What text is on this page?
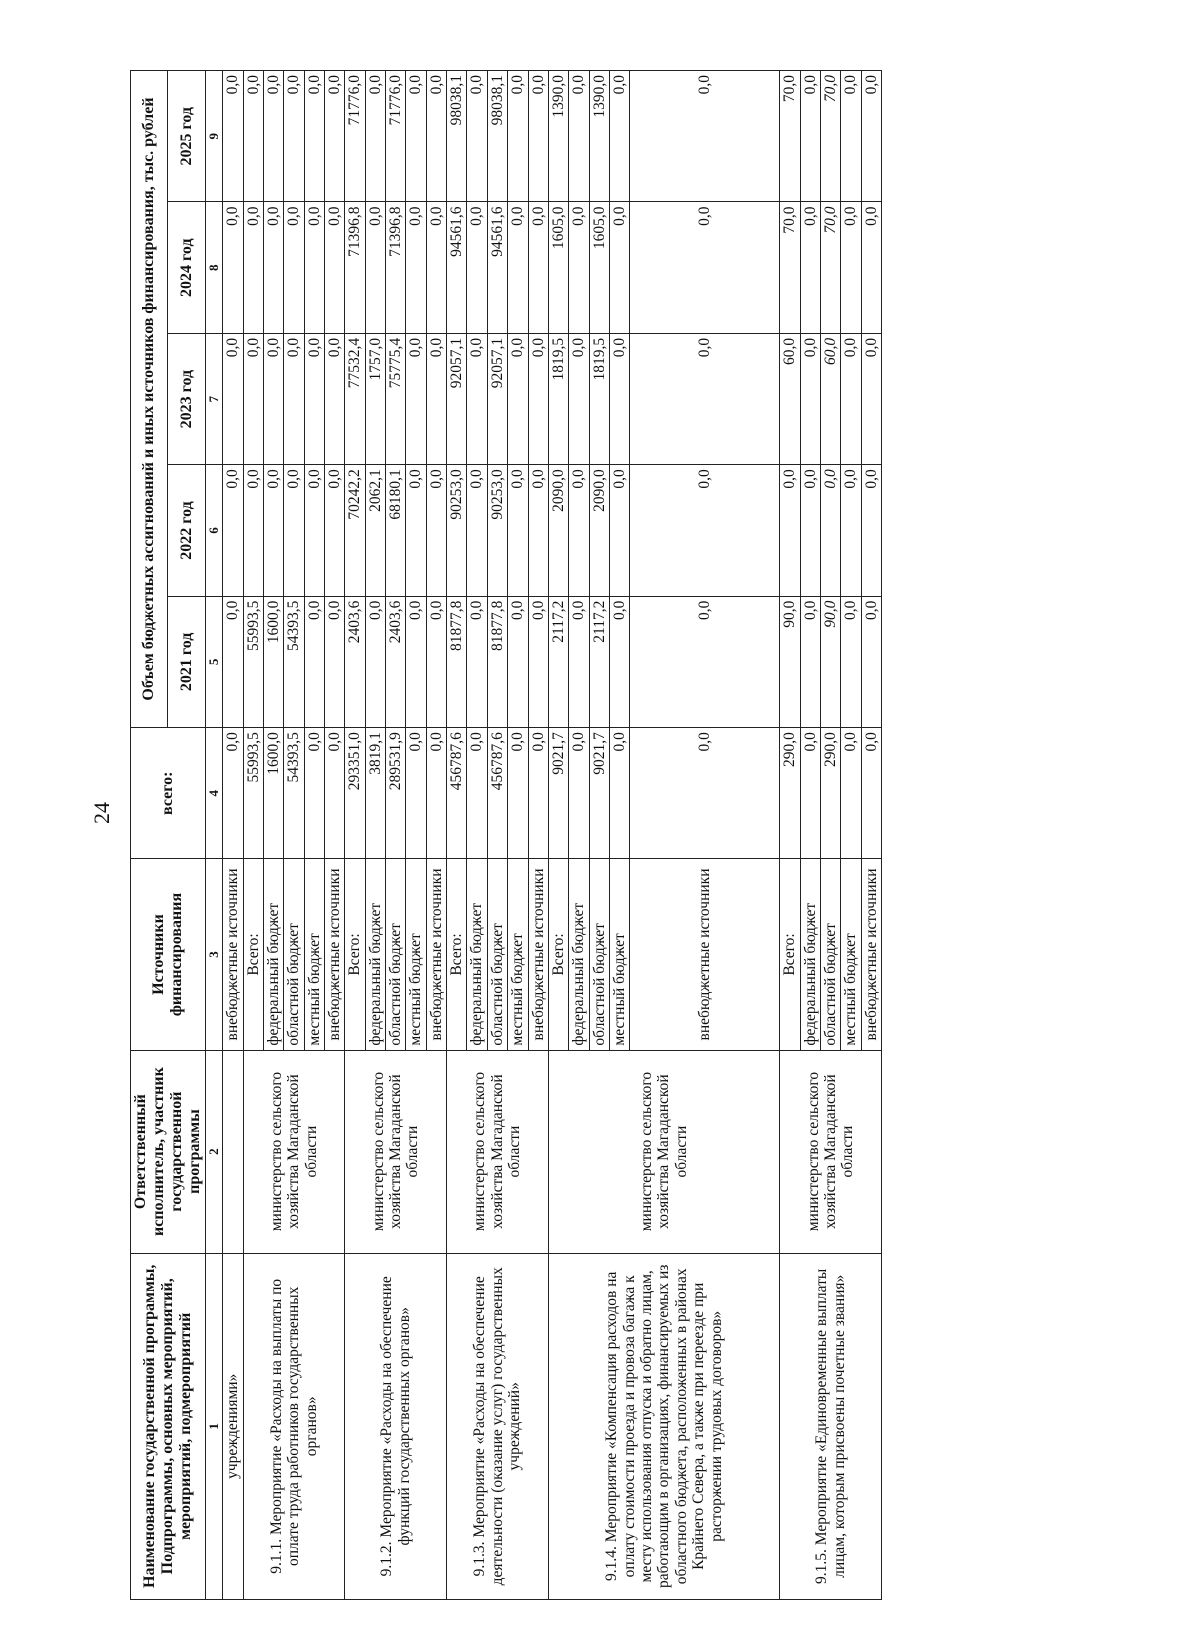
24
Наименование государственной программы, Подпрограммы, основных мероприятий, мероприятий, подмероприятий	Ответственный исполнитель, участник государственной программы	Источники финансирования	всего:	Объем бюджетных ассигнований и иных источников финансирования, тыс. рублей				
				2021 год	2022 год	2023 год	2024 год	2025 год
1	2	3	4	5	6	7	8	9
учреждениями»		внебюджетные источники	0,0	0,0	0,0	0,0	0,0	0,0
9.1.1. Мероприятие «Расходы на выплаты по оплате труда работников государственных органов»	министерство сельского хозяйства Магаданской области	Всего:	55993,5	55993,5	0,0	0,0	0,0	0,0
		федеральный бюджет	1600,0	1600,0	0,0	0,0	0,0	0,0
		областной бюджет	54393,5	54393,5	0,0	0,0	0,0	0,0
		местный бюджет	0,0	0,0	0,0	0,0	0,0	0,0
		внебюджетные источники	0,0	0,0	0,0	0,0	0,0	0,0
9.1.2. Мероприятие «Расходы на обеспечение функций государственных органов»	министерство сельского хозяйства Магаданской области	Всего:	293351,0	2403,6	70242,2	77532,4	71396,8	71776,0
		федеральный бюджет	3819,1	0,0	2062,1	1757,0	0,0	0,0
		областной бюджет	289531,9	2403,6	68180,1	75775,4	71396,8	71776,0
		местный бюджет	0,0	0,0	0,0	0,0	0,0	0,0
		внебюджетные источники	0,0	0,0	0,0	0,0	0,0	0,0
9.1.3. Мероприятие «Расходы на обеспечение деятельности (оказание услуг) государственных учреждений»	министерство сельского хозяйства Магаданской области	Всего:	456787,6	81877,8	90253,0	92057,1	94561,6	98038,1
		федеральный бюджет	0,0	0,0	0,0	0,0	0,0	0,0
		областной бюджет	456787,6	81877,8	90253,0	92057,1	94561,6	98038,1
		местный бюджет	0,0	0,0	0,0	0,0	0,0	0,0
		внебюджетные источники	0,0	0,0	0,0	0,0	0,0	0,0
9.1.4. Мероприятие «Компенсация расходов на оплату стоимости проезда и провоза багажа к месту использования отпуска и обратно лицам, работающим в организациях, финансируемых из областного бюджета, расположенных в районах Крайнего Севера, а также при переезде при расторжении трудовых договоров»	министерство сельского хозяйства Магаданской области	Всего:	9021,7	2117,2	2090,0	1819,5	1605,0	1390,0
		федеральный бюджет	0,0	0,0	0,0	0,0	0,0	0,0
		областной бюджет	9021,7	2117,2	2090,0	1819,5	1605,0	1390,0
		местный бюджет	0,0	0,0	0,0	0,0	0,0	0,0
		внебюджетные источники	0,0	0,0	0,0	0,0	0,0	0,0
9.1.5. Мероприятие «Единовременные выплаты лицам, которым присвоены почетные звания»	министерство сельского хозяйства Магаданской области	Всего:	290,0	90,0	0,0	60,0	70,0	70,0
		федеральный бюджет	0,0	0,0	0,0	0,0	0,0	0,0
		областной бюджет	290,0	90,0	0,0	60,0	70,0	70,0
		местный бюджет	0,0	0,0	0,0	0,0	0,0	0,0
		внебюджетные источники	0,0	0,0	0,0	0,0	0,0	0,0
